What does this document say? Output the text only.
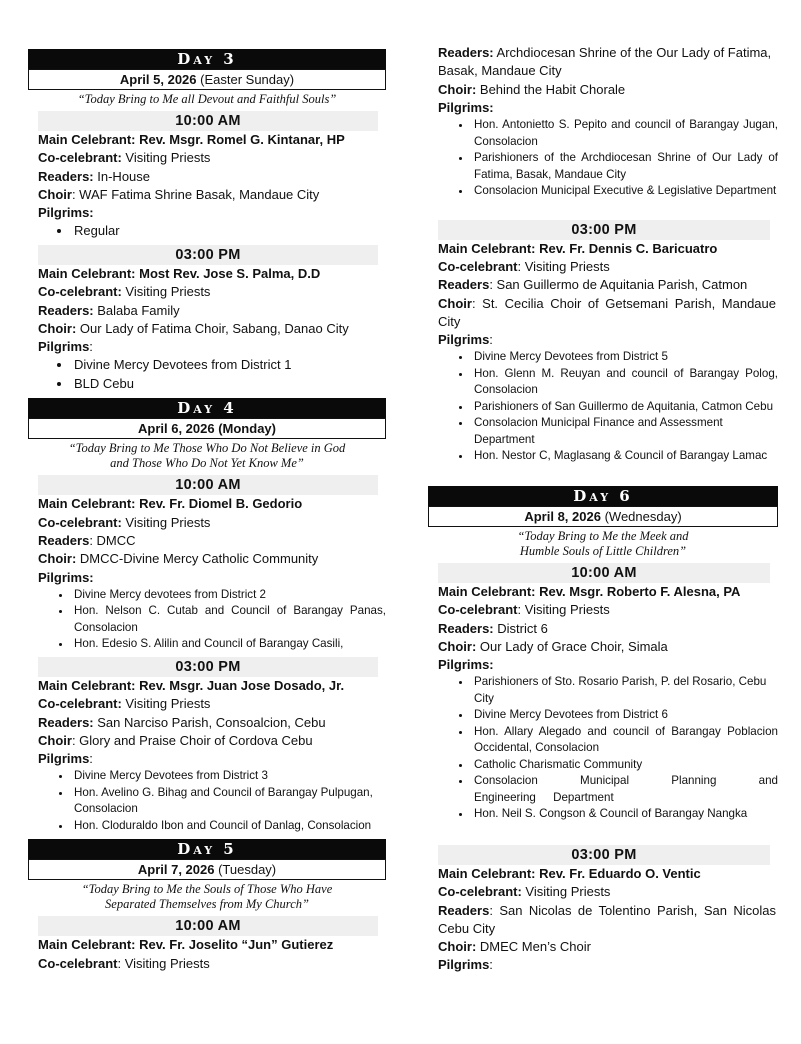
Day 3
April 5, 2026 (Easter Sunday)
“Today Bring to Me all Devout and Faithful Souls”
10:00 AM
Main Celebrant: Rev. Msgr. Romel G. Kintanar, HP
Co-celebrant: Visiting Priests
Readers: In-House
Choir: WAF Fatima Shrine Basak, Mandaue City
Pilgrims:
• Regular
03:00 PM
Main Celebrant: Most Rev. Jose S. Palma, D.D
Co-celebrant: Visiting Priests
Readers: Balaba Family
Choir: Our Lady of Fatima Choir, Sabang, Danao City
Pilgrims:
• Divine Mercy Devotees from District 1
• BLD Cebu
Day 4
April 6, 2026 (Monday)
“Today Bring to Me Those Who Do Not Believe in God
and Those Who Do Not Yet Know Me”
10:00 AM
Main Celebrant: Rev. Fr. Diomel B. Gedorio
Co-celebrant: Visiting Priests
Readers: DMCC
Choir: DMCC-Divine Mercy Catholic Community
Pilgrims:
• Divine Mercy devotees from District 2
• Hon. Nelson C. Cutab and Council of Barangay Panas, Consolacion
• Hon. Edesio S. Alilin and Council of Barangay Casili,
03:00 PM
Main Celebrant: Rev. Msgr. Juan Jose Dosado, Jr.
Co-celebrant: Visiting Priests
Readers: San Narciso Parish, Consoalcion, Cebu
Choir: Glory and Praise Choir of Cordova Cebu
Pilgrims:
• Divine Mercy Devotees from District 3
• Hon. Avelino G. Bihag and Council of Barangay Pulpugan, Consolacion
• Hon. Cloduraldo Ibon and Council of Danlag, Consolacion
Day 5
April 7, 2026 (Tuesday)
“Today Bring to Me the Souls of Those Who Have
Separated Themselves from My Church”
10:00 AM
Main Celebrant: Rev. Fr. Joselito “Jun” Gutierez
Co-celebrant: Visiting Priests
Readers: Archdiocesan Shrine of the Our Lady of Fatima, Basak, Mandaue City
Choir: Behind the Habit Chorale
Pilgrims:
• Hon. Antonietto S. Pepito and council of Barangay Jugan, Consolacion
• Parishioners of the Archdiocesan Shrine of Our Lady of Fatima, Basak, Mandaue City
• Consolacion Municipal Executive & Legislative Department
03:00 PM
Main Celebrant: Rev. Fr. Dennis C. Baricuatro
Co-celebrant: Visiting Priests
Readers: San Guillermo de Aquitania Parish, Catmon
Choir: St. Cecilia Choir of Getsemani Parish, Mandaue City
Pilgrims:
• Divine Mercy Devotees from District 5
• Hon. Glenn M. Reuyan and council of Barangay Polog, Consolacion
• Parishioners of San Guillermo de Aquitania, Catmon Cebu
• Consolacion Municipal Finance and Assessment Department
• Hon. Nestor C, Maglasang & Council of Barangay Lamac
Day 6
April 8, 2026 (Wednesday)
“Today Bring to Me the Meek and
Humble Souls of Little Children”
10:00 AM
Main Celebrant: Rev. Msgr. Roberto F. Alesna, PA
Co-celebrant: Visiting Priests
Readers: District 6
Choir: Our Lady of Grace Choir, Simala
Pilgrims:
• Parishioners of Sto. Rosario Parish, P. del Rosario, Cebu City
• Divine Mercy Devotees from District 6
• Hon. Allary Alegado and council of Barangay Poblacion Occidental, Consolacion
• Catholic Charismatic Community
• Consolacion Municipal Planning and Engineering Department
• Hon. Neil S. Congson & Council of Barangay Nangka
03:00 PM
Main Celebrant: Rev. Fr. Eduardo O. Ventic
Co-celebrant: Visiting Priests
Readers: San Nicolas de Tolentino Parish, San Nicolas Cebu City
Choir: DMEC Men’s Choir
Pilgrims:
